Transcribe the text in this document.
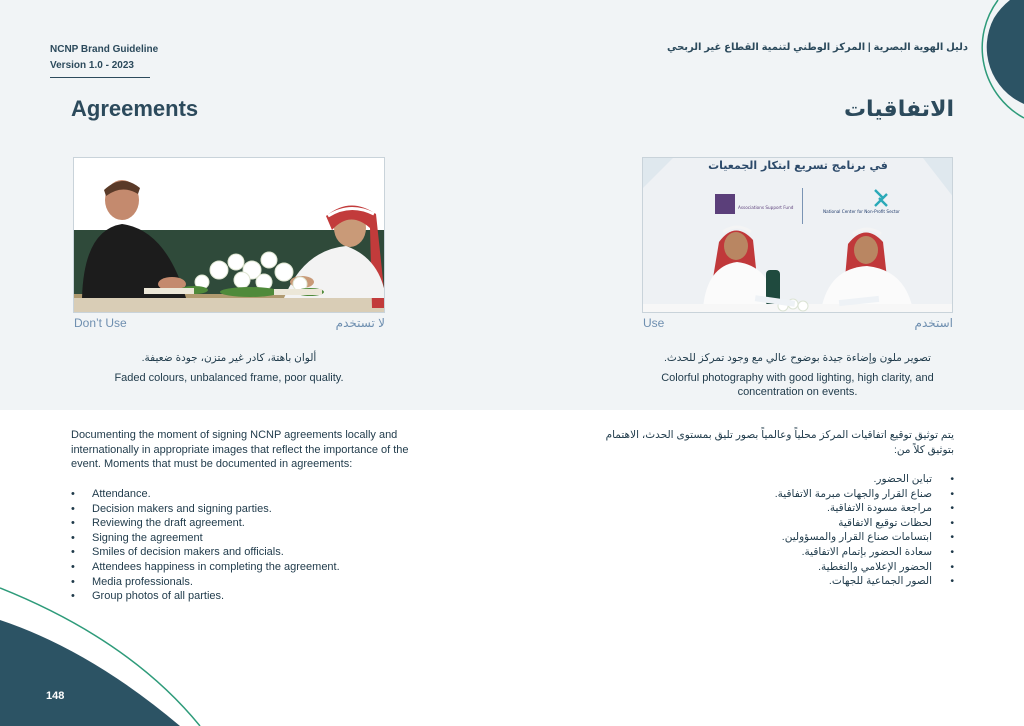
NCNP Brand Guideline
Version 1.0 - 2023
دليل الهوية البصرية | المركز الوطني لتنمية القطاع غير الربحي
Agreements	الاتفاقيات
في برنامج تسريع ابتكار الجمعيات
Associations Support Fund
National Center for Non-Profit Sector
Don’t Use	لا تستخدم	Use	استخدم
ألوان باهتة، كادر غير متزن، جودة ضعيفة.
Faded colours, unbalanced frame, poor quality.
تصوير ملون وإضاءة جيدة بوضوح عالي مع وجود تمركز للحدث.
Colorful photography with good lighting, high clarity, and concentration on events.
Documenting the moment of signing NCNP agreements locally and internationally in appropriate images that reflect the importance of the event. Moments that must be documented in agreements:
• Attendance.
• Decision makers and signing parties.
• Reviewing the draft agreement.
• Signing the agreement
• Smiles of decision makers and officials.
• Attendees happiness in completing the agreement.
• Media professionals.
• Group photos of all parties.
يتم توثيق توقيع اتفاقيات المركز محلياً وعالمياً بصور تليق بمستوى الحدث، الاهتمام بتوثيق كلاً من:
• تباين الحضور.
• صناع القرار والجهات مبرمة الاتفاقية.
• مراجعة مسودة الاتفاقية.
• لحظات توقيع الاتفاقية
• ابتسامات صناع القرار والمسؤولين.
• سعادة الحضور بإتمام الاتفاقية.
• الحضور الإعلامي والتغطية.
• الصور الجماعية للجهات.
148
